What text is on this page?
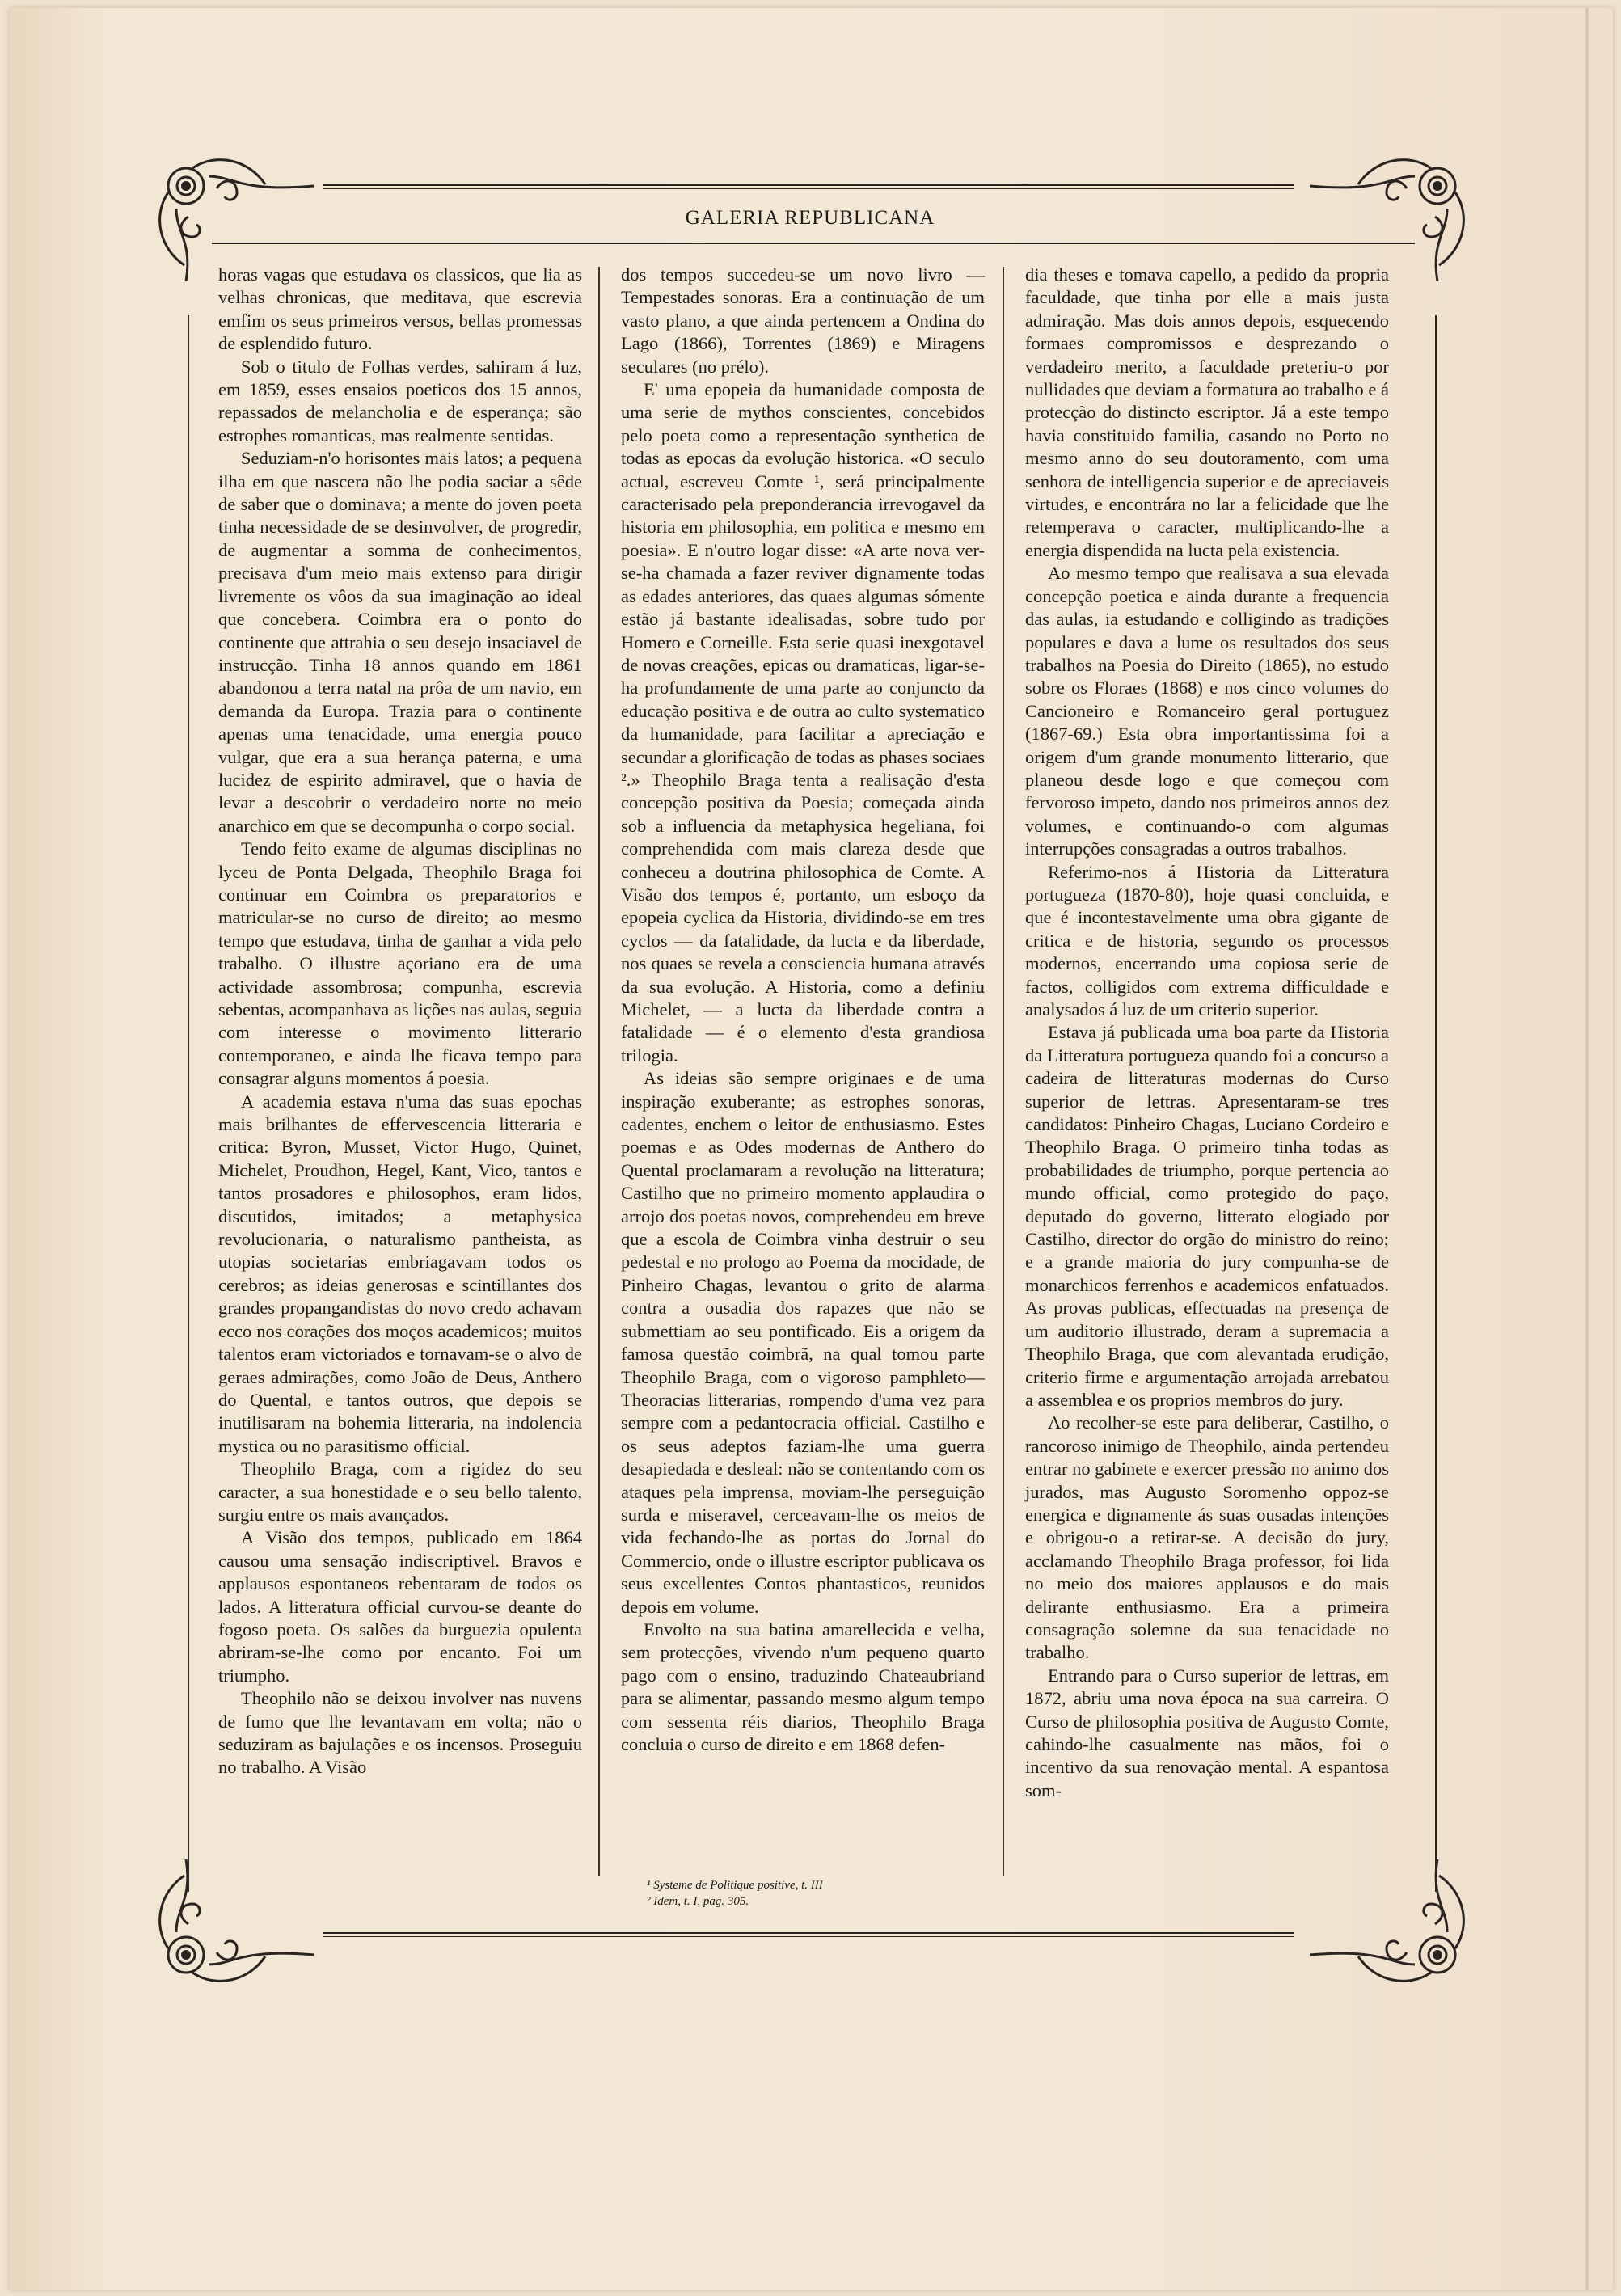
GALERIA REPUBLICANA

horas vagas que estudava os classicos, que lia as velhas chronicas, que meditava, que escrevia emfim os seus primeiros versos, bellas promessas de esplendido futuro.

Sob o titulo de Folhas verdes, sahiram á luz, em 1859, esses ensaios poeticos dos 15 annos, repassados de melancholia e de esperança; são estrophes romanticas, mas realmente sentidas.

Seduziam-n'o horisontes mais latos; a pequena ilha em que nascera não lhe podia saciar a sêde de saber que o dominava; a mente do joven poeta tinha necessidade de se desinvolver, de progredir, de augmentar a somma de conhecimentos, precisava d'um meio mais extenso para dirigir livremente os vôos da sua imaginação ao ideal que concebera. Coimbra era o ponto do continente que attrahia o seu desejo insaciavel de instrucção. Tinha 18 annos quando em 1861 abandonou a terra natal na prôa de um navio, em demanda da Europa. Trazia para o continente apenas uma tenacidade, uma energia pouco vulgar, que era a sua herança paterna, e uma lucidez de espirito admiravel, que o havia de levar a descobrir o verdadeiro norte no meio anarchico em que se decompunha o corpo social.

Tendo feito exame de algumas disciplinas no lyceu de Ponta Delgada, Theophilo Braga foi continuar em Coimbra os preparatorios e matricular-se no curso de direito; ao mesmo tempo que estudava, tinha de ganhar a vida pelo trabalho. O illustre açoriano era de uma actividade assombrosa; compunha, escrevia sebentas, acompanhava as lições nas aulas, seguia com interesse o movimento litterario contemporaneo, e ainda lhe ficava tempo para consagrar alguns momentos á poesia.

A academia estava n'uma das suas epochas mais brilhantes de effervescencia litteraria e critica: Byron, Musset, Victor Hugo, Quinet, Michelet, Proudhon, Hegel, Kant, Vico, tantos e tantos prosadores e philosophos, eram lidos, discutidos, imitados; a metaphysica revolucionaria, o naturalismo pantheista, as utopias societarias embriagavam todos os cerebros; as ideias generosas e scintillantes dos grandes propangandistas do novo credo achavam ecco nos corações dos moços academicos; muitos talentos eram victoriados e tornavam-se o alvo de geraes admirações, como João de Deus, Anthero do Quental, e tantos outros, que depois se inutilisaram na bohemia litteraria, na indolencia mystica ou no parasitismo official.

Theophilo Braga, com a rigidez do seu caracter, a sua honestidade e o seu bello talento, surgiu entre os mais avançados.

A Visão dos tempos, publicado em 1864 causou uma sensação indiscriptivel. Bravos e applausos espontaneos rebentaram de todos os lados. A litteratura official curvou-se deante do fogoso poeta. Os salões da burguezia opulenta abriram-se-lhe como por encanto. Foi um triumpho.

Theophilo não se deixou involver nas nuvens de fumo que lhe levantavam em volta; não o seduziram as bajulações e os incensos. Proseguiu no trabalho. A Visão

dos tempos succedeu-se um novo livro — Tempestades sonoras. Era a continuação de um vasto plano, a que ainda pertencem a Ondina do Lago (1866), Torrentes (1869) e Miragens seculares (no prélo).

E' uma epopeia da humanidade composta de uma serie de mythos conscientes, concebidos pelo poeta como a representação synthetica de todas as epocas da evolução historica. «O seculo actual, escreveu Comte ¹, será principalmente caracterisado pela preponderancia irrevogavel da historia em philosophia, em politica e mesmo em poesia». E n'outro logar disse: «A arte nova ver-se-ha chamada a fazer reviver dignamente todas as edades anteriores, das quaes algumas sómente estão já bastante idealisadas, sobre tudo por Homero e Corneille. Esta serie quasi inexgotavel de novas creações, epicas ou dramaticas, ligar-se-ha profundamente de uma parte ao conjuncto da educação positiva e de outra ao culto systematico da humanidade, para facilitar a apreciação e secundar a glorificação de todas as phases sociaes ².» Theophilo Braga tenta a realisação d'esta concepção positiva da Poesia; começada ainda sob a influencia da metaphysica hegeliana, foi comprehendida com mais clareza desde que conheceu a doutrina philosophica de Comte. A Visão dos tempos é, portanto, um esboço da epopeia cyclica da Historia, dividindo-se em tres cyclos — da fatalidade, da lucta e da liberdade, nos quaes se revela a consciencia humana através da sua evolução. A Historia, como a definiu Michelet, — a lucta da liberdade contra a fatalidade — é o elemento d'esta grandiosa trilogia.

As ideias são sempre originaes e de uma inspiração exuberante; as estrophes sonoras, cadentes, enchem o leitor de enthusiasmo. Estes poemas e as Odes modernas de Anthero do Quental proclamaram a revolução na litteratura; Castilho que no primeiro momento applaudira o arrojo dos poetas novos, comprehendeu em breve que a escola de Coimbra vinha destruir o seu pedestal e no prologo ao Poema da mocidade, de Pinheiro Chagas, levantou o grito de alarma contra a ousadia dos rapazes que não se submettiam ao seu pontificado. Eis a origem da famosa questão coimbrã, na qual tomou parte Theophilo Braga, com o vigoroso pamphleto—Theoracias litterarias, rompendo d'uma vez para sempre com a pedantocracia official. Castilho e os seus adeptos faziam-lhe uma guerra desapiedada e desleal: não se contentando com os ataques pela imprensa, moviam-lhe perseguição surda e miseravel, cerceavam-lhe os meios de vida fechando-lhe as portas do Jornal do Commercio, onde o illustre escriptor publicava os seus excellentes Contos phantasticos, reunidos depois em volume.

Envolto na sua batina amarellecida e velha, sem protecções, vivendo n'um pequeno quarto pago com o ensino, traduzindo Chateaubriand para se alimentar, passando mesmo algum tempo com sessenta réis diarios, Theophilo Braga concluia o curso de direito e em 1868 defen-

dia theses e tomava capello, a pedido da propria faculdade, que tinha por elle a mais justa admiração. Mas dois annos depois, esquecendo formaes compromissos e desprezando o verdadeiro merito, a faculdade preteriu-o por nullidades que deviam a formatura ao trabalho e á protecção do distincto escriptor. Já a este tempo havia constituido familia, casando no Porto no mesmo anno do seu doutoramento, com uma senhora de intelligencia superior e de apreciaveis virtudes, e encontrára no lar a felicidade que lhe retemperava o caracter, multiplicando-lhe a energia dispendida na lucta pela existencia.

Ao mesmo tempo que realisava a sua elevada concepção poetica e ainda durante a frequencia das aulas, ia estudando e colligindo as tradições populares e dava a lume os resultados dos seus trabalhos na Poesia do Direito (1865), no estudo sobre os Floraes (1868) e nos cinco volumes do Cancioneiro e Romanceiro geral portuguez (1867-69.) Esta obra importantissima foi a origem d'um grande monumento litterario, que planeou desde logo e que começou com fervoroso impeto, dando nos primeiros annos dez volumes, e continuando-o com algumas interrupções consagradas a outros trabalhos.

Referimo-nos á Historia da Litteratura portugueza (1870-80), hoje quasi concluida, e que é incontestavelmente uma obra gigante de critica e de historia, segundo os processos modernos, encerrando uma copiosa serie de factos, colligidos com extrema difficuldade e analysados á luz de um criterio superior.

Estava já publicada uma boa parte da Historia da Litteratura portugueza quando foi a concurso a cadeira de litteraturas modernas do Curso superior de lettras. Apresentaram-se tres candidatos: Pinheiro Chagas, Luciano Cordeiro e Theophilo Braga. O primeiro tinha todas as probabilidades de triumpho, porque pertencia ao mundo official, como protegido do paço, deputado do governo, litterato elogiado por Castilho, director do orgão do ministro do reino; e a grande maioria do jury compunha-se de monarchicos ferrenhos e academicos enfatuados. As provas publicas, effectuadas na presença de um auditorio illustrado, deram a supremacia a Theophilo Braga, que com alevantada erudição, criterio firme e argumentação arrojada arrebatou a assemblea e os proprios membros do jury.

Ao recolher-se este para deliberar, Castilho, o rancoroso inimigo de Theophilo, ainda pertendeu entrar no gabinete e exercer pressão no animo dos jurados, mas Augusto Soromenho oppoz-se energica e dignamente ás suas ousadas intenções e obrigou-o a retirar-se. A decisão do jury, acclamando Theophilo Braga professor, foi lida no meio dos maiores applausos e do mais delirante enthusiasmo. Era a primeira consagração solemne da sua tenacidade no trabalho.

Entrando para o Curso superior de lettras, em 1872, abriu uma nova época na sua carreira. O Curso de philosophia positiva de Augusto Comte, cahindo-lhe casualmente nas mãos, foi o incentivo da sua renovação mental. A espantosa som-

¹ Systeme de Politique positive, t. III
² Idem, t. I, pag. 305.
